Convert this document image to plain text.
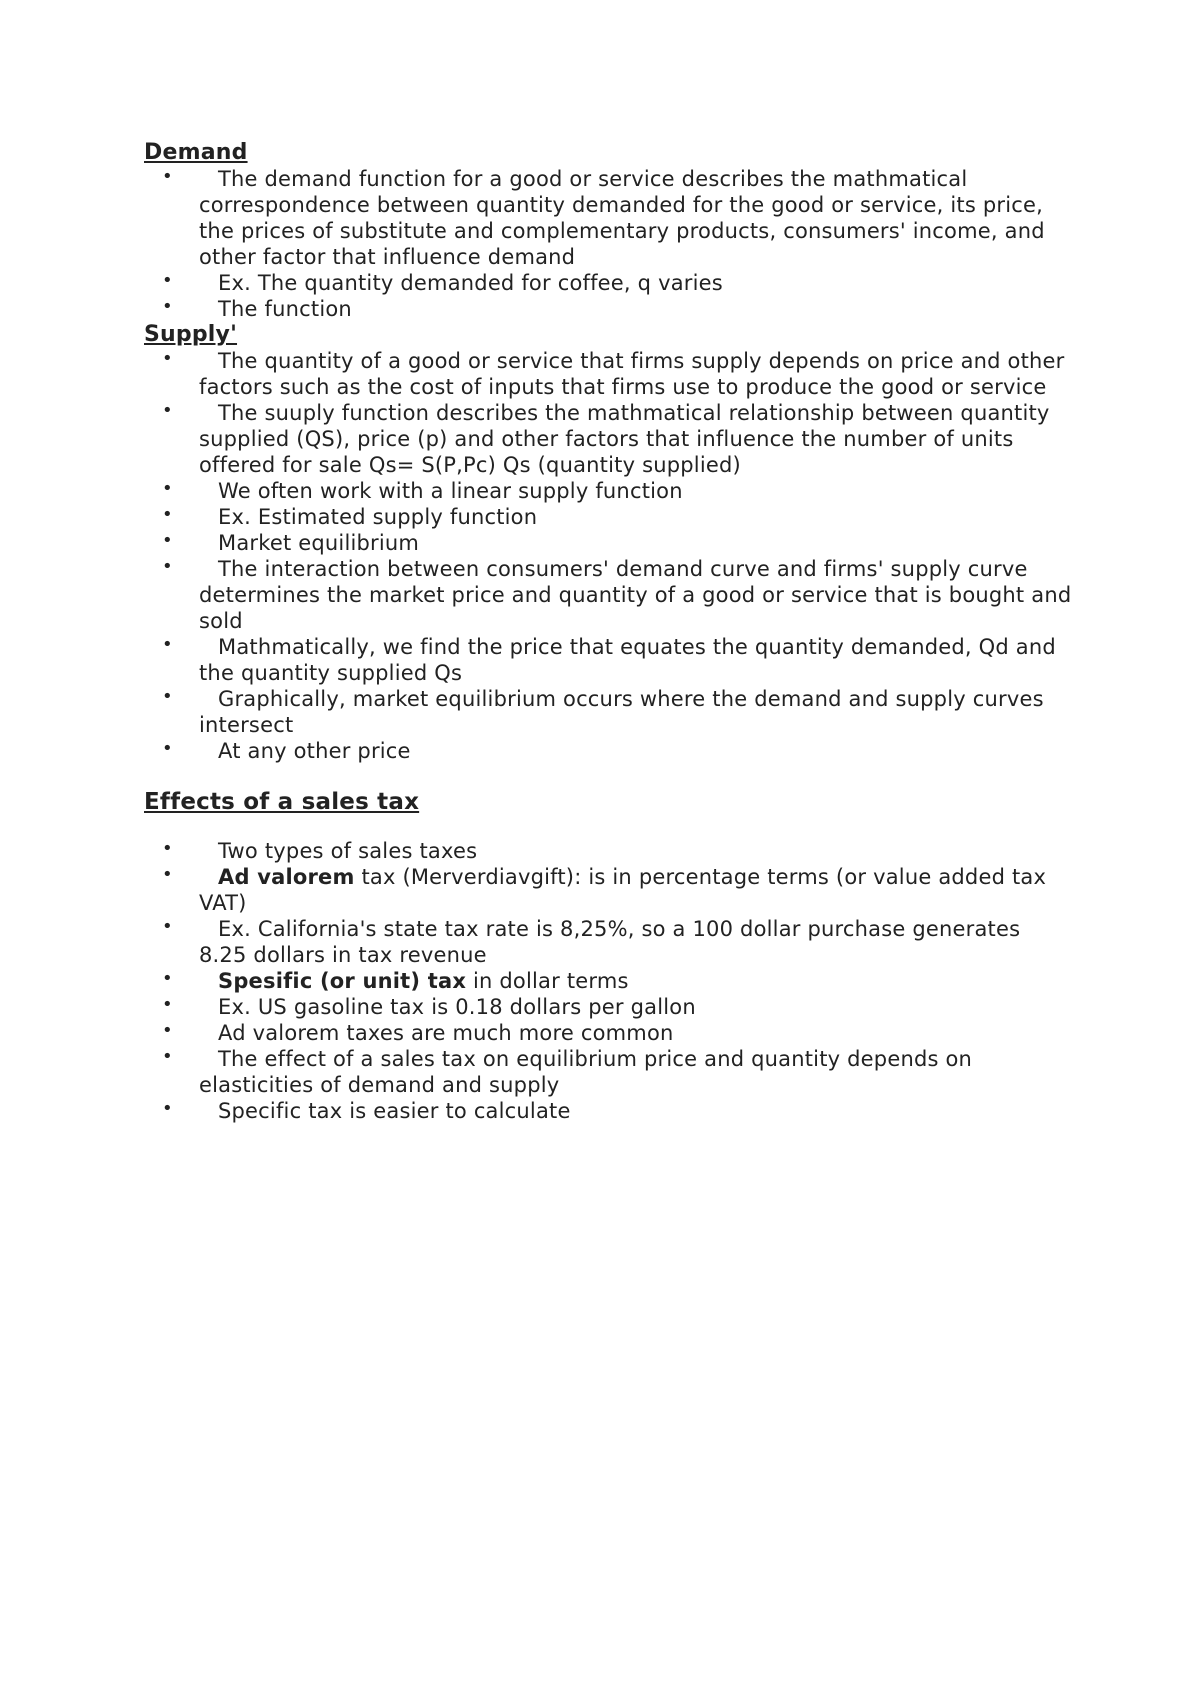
Demand
•	The demand function for a good or service describes the mathmatical correspondence between quantity demanded for the good or service, its price, the prices of substitute and complementary products, consumers' income, and other factor that influence demand
•	Ex. The quantity demanded for coffee, q varies
•	The function
Supply'
•	The quantity of a good or service that firms supply depends on price and other factors such as the cost of inputs that firms use to produce the good or service
•	The suuply function describes the mathmatical relationship between quantity supplied (QS), price (p) and other factors that influence the number of units offered for sale Qs= S(P,Pc) Qs (quantity supplied)
•	We often work with a linear supply function
•	Ex. Estimated supply function
•	Market equilibrium
•	The interaction between consumers' demand curve and firms' supply curve determines the market price and quantity of a good or service that is bought and sold
•	Mathmatically, we find the price that equates the quantity demanded, Qd and the quantity supplied Qs
•	Graphically, market equilibrium occurs where the demand and supply curves intersect
•	At any other price
Effects of a sales tax
•	Two types of sales taxes
•	Ad valorem tax (Merverdiavgift): is in percentage terms (or value added tax VAT)
•	Ex. California's state tax rate is 8,25%, so a 100 dollar purchase generates 8.25 dollars in tax revenue
•	Spesific (or unit) tax in dollar terms
•	Ex. US gasoline tax is 0.18 dollars per gallon
•	Ad valorem taxes are much more common
•	The effect of a sales tax on equilibrium price and quantity depends on elasticities of demand and supply
•	Specific tax is easier to calculate
